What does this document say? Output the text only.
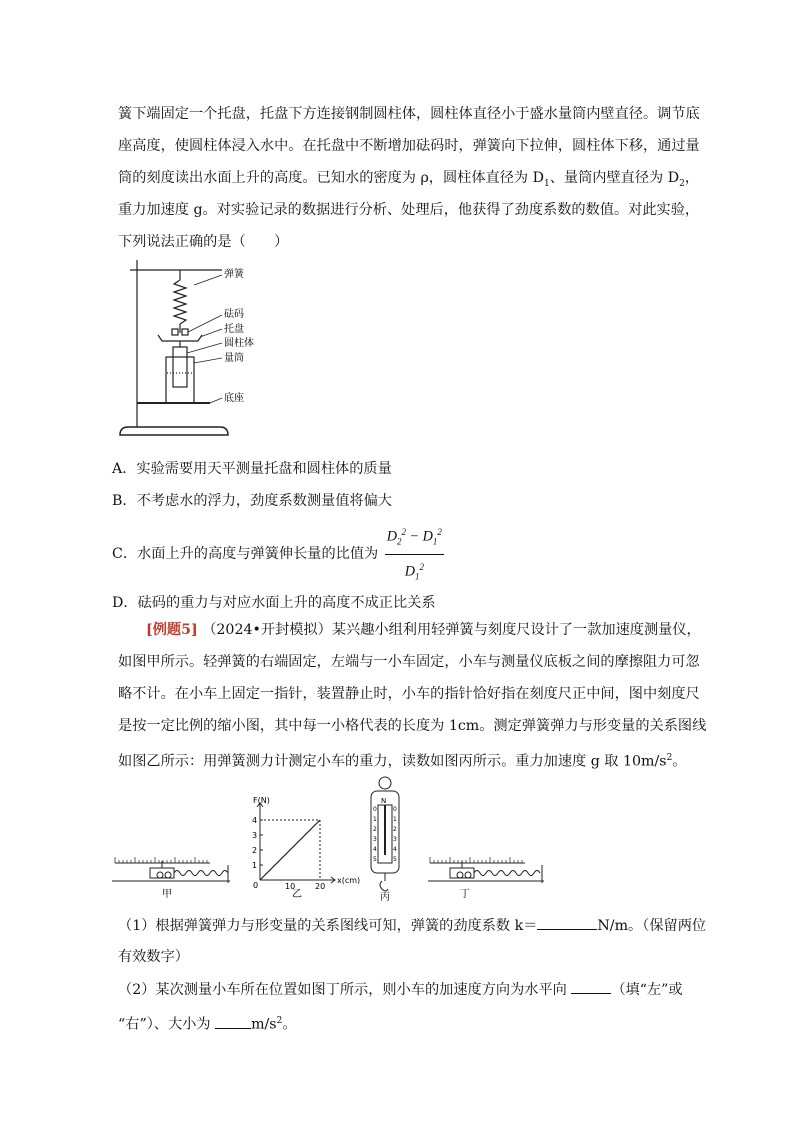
簧下端固定一个托盘，托盘下方连接钢制圆柱体，圆柱体直径小于盛水量筒内壁直径。调节底
座高度，使圆柱体浸入水中。在托盘中不断增加砝码时，弹簧向下拉伸，圆柱体下移，通过量
筒的刻度读出水面上升的高度。已知水的密度为 ρ，圆柱体直径为 $D_1$、量筒内壁直径为 $D_2$，
重力加速度 g。对实验记录的数据进行分析、处理后，他获得了劲度系数的数值。对此实验，
下列说法正确的是（　　）
弹簧
砝码
托盘
圆柱体
量筒
底座
A．实验需要用天平测量托盘和圆柱体的质量
B．不考虑水的浮力，劲度系数测量值将偏大
C．水面上升的高度与弹簧伸长量的比值为 $\frac{D_2^2 - D_1^2}{D_1^2}$
D．砝码的重力与对应水面上升的高度不成正比关系
[例题5] （2024•开封模拟）某兴趣小组利用轻弹簧与刻度尺设计了一款加速度测量仪，
如图甲所示。轻弹簧的右端固定，左端与一小车固定，小车与测量仪底板之间的摩擦阻力可忽
略不计。在小车上固定一指针，装置静止时，小车的指针恰好指在刻度尺正中间，图中刻度尺
是按一定比例的缩小图，其中每一小格代表的长度为 1cm。测定弹簧弹力与形变量的关系图线
如图乙所示：用弹簧测力计测定小车的重力，读数如图丙所示。重力加速度 g 取 $10m/s^2$。
甲
1
2
3
4
10 20
F(N)
x(cm)
0
乙
N
0	0
1	1
2	2
3	3
4	4
5	5
丙	丁
（1）根据弹簧弹力与形变量的关系图线可知，弹簧的劲度系数 k＝	N/m。（保留两位
有效数字）
（2）某次测量小车所在位置如图丁所示，则小车的加速度方向为水平向	（填“左”或
“右”）、大小为	$m/s^2$。
